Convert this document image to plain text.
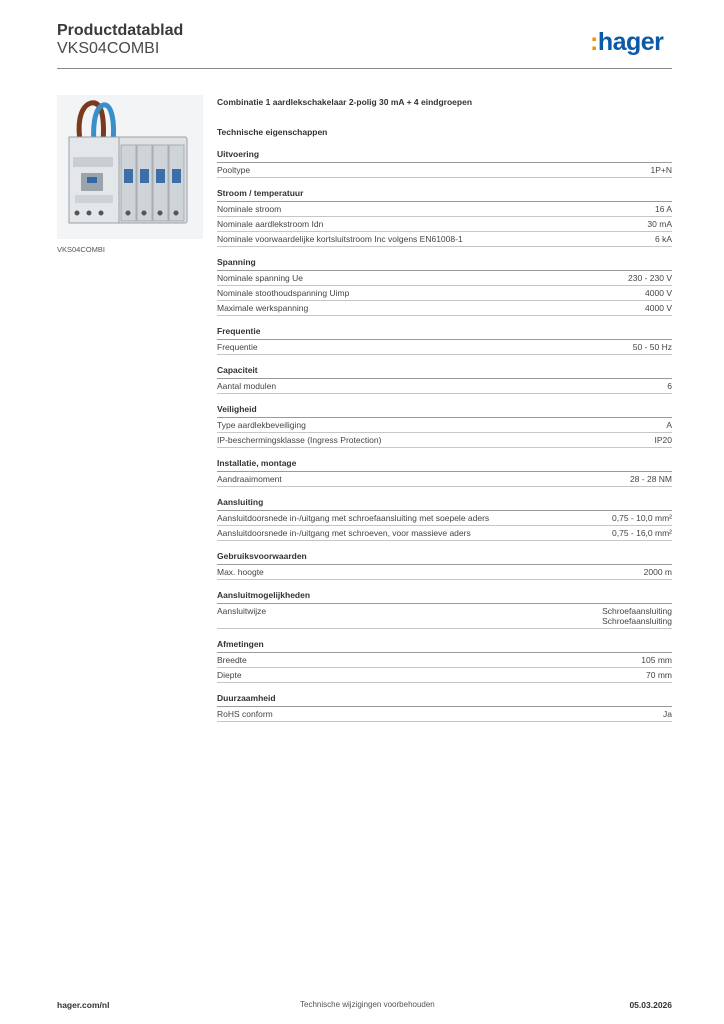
Productdatablad
VKS04COMBI	:hager
VKS04COMBI
Combinatie 1 aardlekschakelaar 2-polig 30 mA + 4 eindgroepen
Technische eigenschappen
Uitvoering
Pooltype	1P+N
Stroom / temperatuur
Nominale stroom	16 A
Nominale aardlekstroom Idn	30 mA
Nominale voorwaardelijke kortsluitstroom Inc volgens EN61008-1	6 kA
Spanning
Nominale spanning Ue	230 - 230 V
Nominale stoothoudspanning Uimp	4000 V
Maximale werkspanning	4000 V
Frequentie
Frequentie	50 - 50 Hz
Capaciteit
Aantal modulen	6
Veiligheid
Type aardlekbeveiliging	A
IP-beschermingsklasse (Ingress Protection)	IP20
Installatie, montage
Aandraaimoment	28 - 28 NM
Aansluiting
Aansluitdoorsnede in-/uitgang met schroefaansluiting met soepele aders	0,75 - 10,0 mm²
Aansluitdoorsnede in-/uitgang met schroeven, voor massieve aders	0,75 - 16,0 mm²
Gebruiksvoorwaarden
Max. hoogte	2000 m
Aansluitmogelijkheden
Aansluitwijze	Schroefaansluiting
Schroefaansluiting
Afmetingen
Breedte	105 mm
Diepte	70 mm
Duurzaamheid
RoHS conform	Ja
hager.com/nl	Technische wijzigingen voorbehouden	05.03.2026
